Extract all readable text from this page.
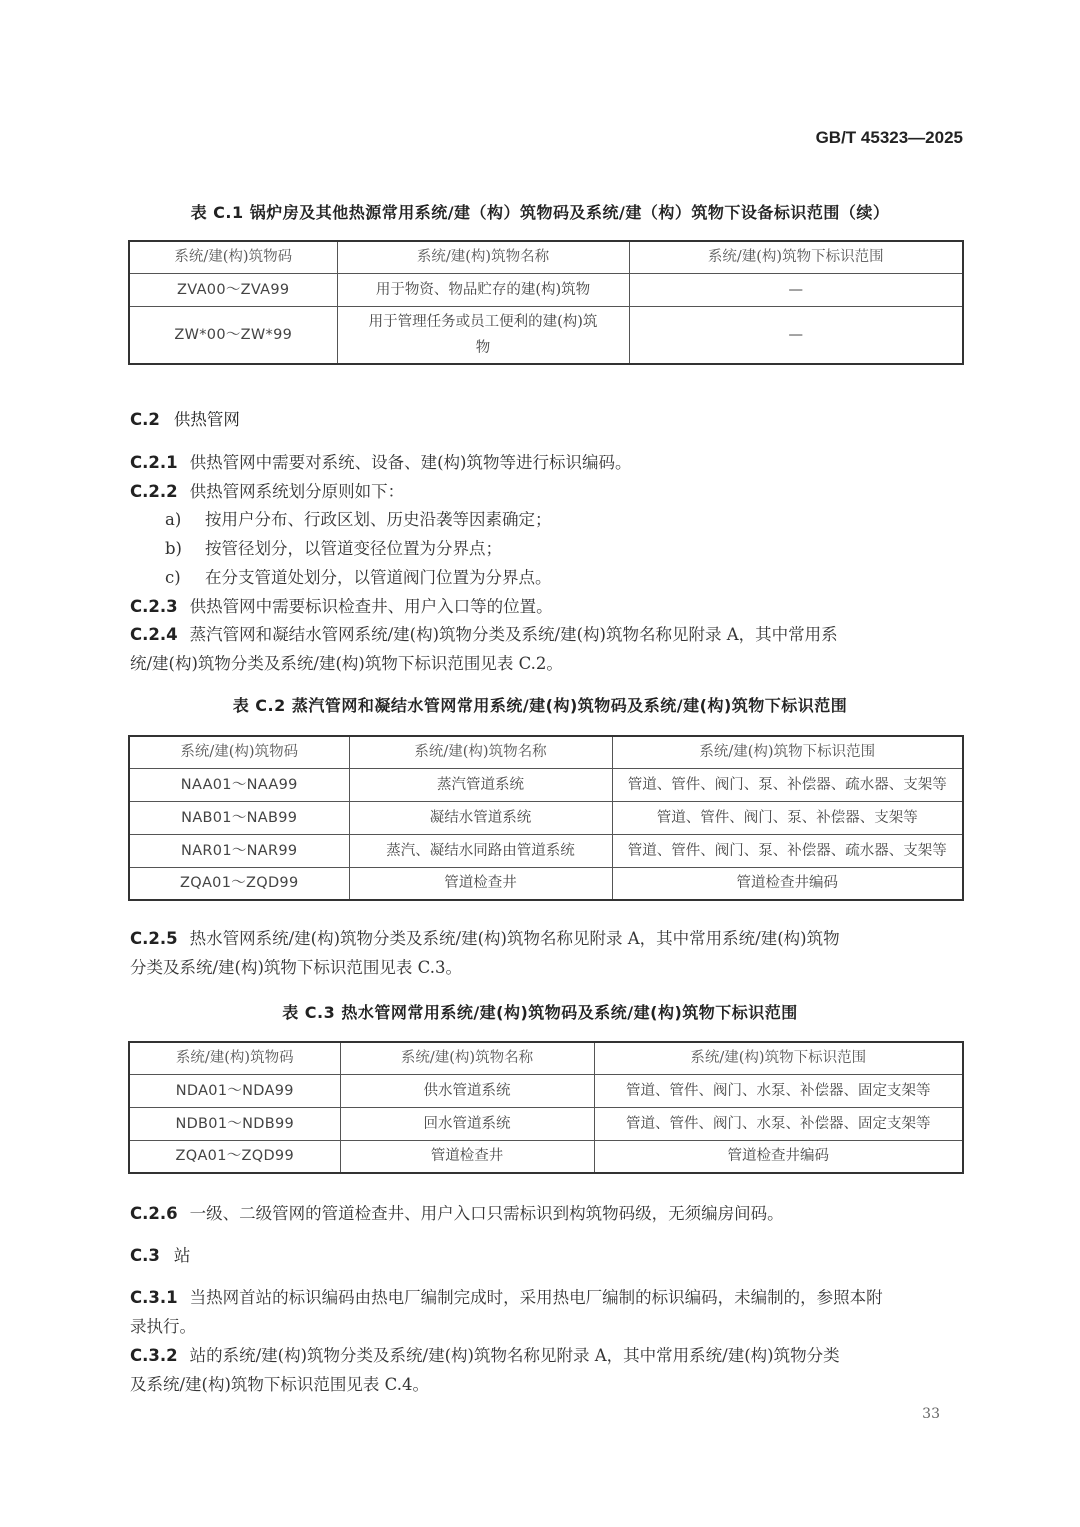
GB/T 45323—2025
表 C.1 锅炉房及其他热源常用系统/建（构）筑物码及系统/建（构）筑物下设备标识范围（续）
系统/建(构)筑物码	系统/建(构)筑物名称	系统/建(构)筑物下标识范围
ZVA00～ZVA99	用于物资、物品贮存的建(构)筑物	—
ZW*00～ZW*99	用于管理任务或员工便利的建(构)筑物	—
C.2 供热管网
C.2.1 供热管网中需要对系统、设备、建(构)筑物等进行标识编码。
C.2.2 供热管网系统划分原则如下：
a) 按用户分布、行政区划、历史沿袭等因素确定；
b) 按管径划分，以管道变径位置为分界点；
c) 在分支管道处划分，以管道阀门位置为分界点。
C.2.3 供热管网中需要标识检查井、用户入口等的位置。
C.2.4 蒸汽管网和凝结水管网系统/建(构)筑物分类及系统/建(构)筑物名称见附录 A，其中常用系
统/建(构)筑物分类及系统/建(构)筑物下标识范围见表 C.2。
表 C.2 蒸汽管网和凝结水管网常用系统/建(构)筑物码及系统/建(构)筑物下标识范围
系统/建(构)筑物码	系统/建(构)筑物名称	系统/建(构)筑物下标识范围
NAA01～NAA99	蒸汽管道系统	管道、管件、阀门、泵、补偿器、疏水器、支架等
NAB01～NAB99	凝结水管道系统	管道、管件、阀门、泵、补偿器、支架等
NAR01～NAR99	蒸汽、凝结水同路由管道系统	管道、管件、阀门、泵、补偿器、疏水器、支架等
ZQA01～ZQD99	管道检查井	管道检查井编码
C.2.5 热水管网系统/建(构)筑物分类及系统/建(构)筑物名称见附录 A，其中常用系统/建(构)筑物
分类及系统/建(构)筑物下标识范围见表 C.3。
表 C.3 热水管网常用系统/建(构)筑物码及系统/建(构)筑物下标识范围
系统/建(构)筑物码	系统/建(构)筑物名称	系统/建(构)筑物下标识范围
NDA01～NDA99	供水管道系统	管道、管件、阀门、水泵、补偿器、固定支架等
NDB01～NDB99	回水管道系统	管道、管件、阀门、水泵、补偿器、固定支架等
ZQA01～ZQD99	管道检查井	管道检查井编码
C.2.6 一级、二级管网的管道检查井、用户入口只需标识到构筑物码级，无须编房间码。
C.3 站
C.3.1 当热网首站的标识编码由热电厂编制完成时，采用热电厂编制的标识编码，未编制的，参照本附
录执行。
C.3.2 站的系统/建(构)筑物分类及系统/建(构)筑物名称见附录 A，其中常用系统/建(构)筑物分类
及系统/建(构)筑物下标识范围见表 C.4。
33
